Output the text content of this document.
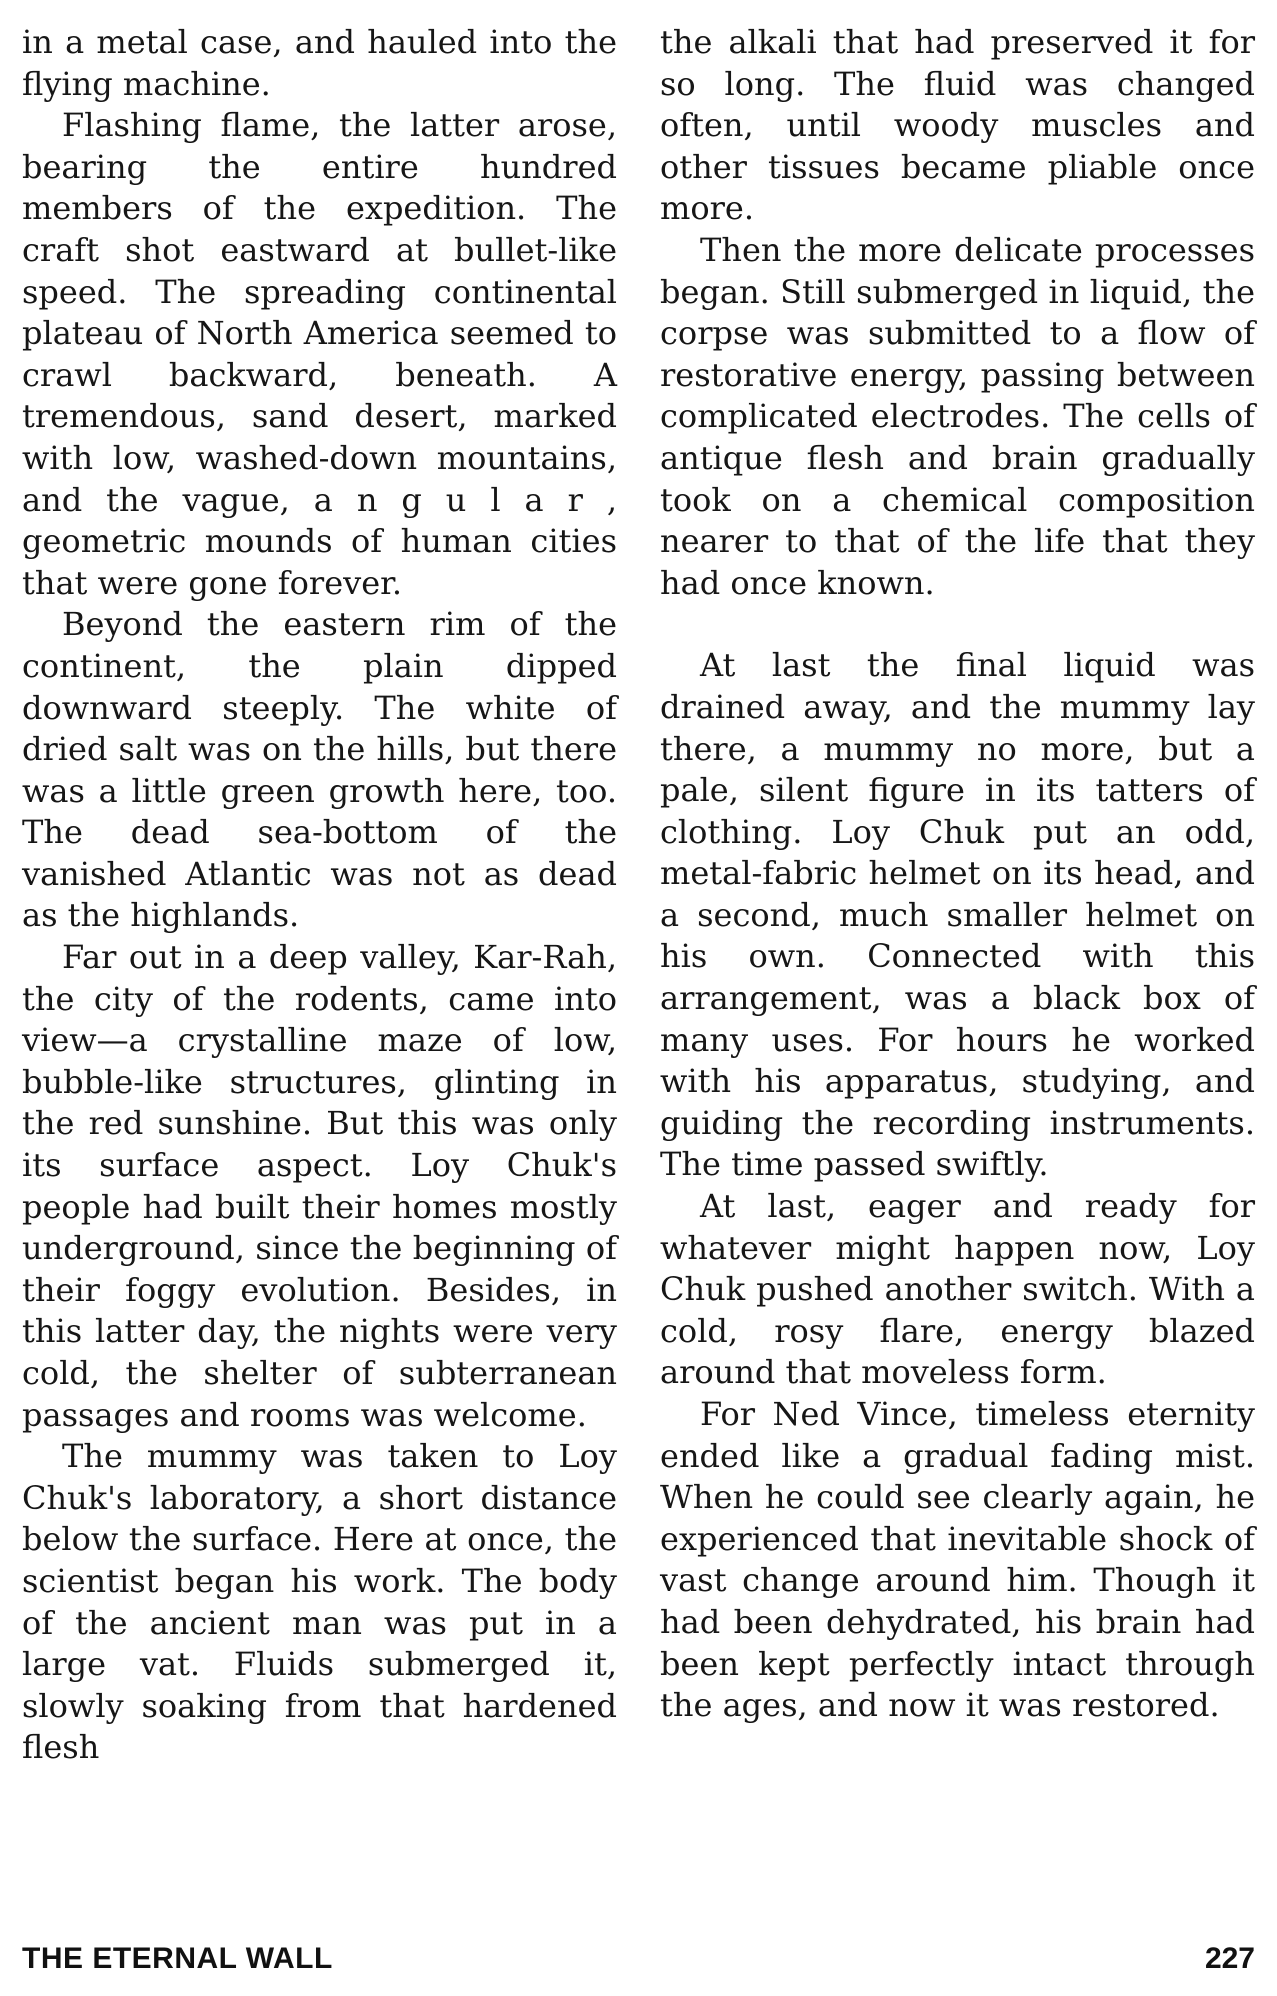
in a metal case, and hauled into the flying machine.

Flashing flame, the latter arose, bearing the entire hundred members of the expedition. The craft shot eastward at bullet-like speed. The spreading continental plateau of North America seemed to crawl backward, beneath. A tremendous, sand desert, marked with low, washed-down mountains, and the vague, a n g u l a r , geometric mounds of human cities that were gone forever.

Beyond the eastern rim of the continent, the plain dipped downward steeply. The white of dried salt was on the hills, but there was a little green growth here, too. The dead sea-bottom of the vanished Atlantic was not as dead as the highlands.

Far out in a deep valley, Kar-Rah, the city of the rodents, came into view—a crystalline maze of low, bubble-like structures, glinting in the red sunshine. But this was only its surface aspect. Loy Chuk's people had built their homes mostly underground, since the beginning of their foggy evolution. Besides, in this latter day, the nights were very cold, the shelter of subterranean passages and rooms was welcome.

The mummy was taken to Loy Chuk's laboratory, a short distance below the surface. Here at once, the scientist began his work. The body of the ancient man was put in a large vat. Fluids submerged it, slowly soaking from that hardened flesh

the alkali that had preserved it for so long. The fluid was changed often, until woody muscles and other tissues became pliable once more.

Then the more delicate processes began. Still submerged in liquid, the corpse was submitted to a flow of restorative energy, passing between complicated electrodes. The cells of antique flesh and brain gradually took on a chemical composition nearer to that of the life that they had once known.

At last the final liquid was drained away, and the mummy lay there, a mummy no more, but a pale, silent figure in its tatters of clothing. Loy Chuk put an odd, metal-fabric helmet on its head, and a second, much smaller helmet on his own. Connected with this arrangement, was a black box of many uses. For hours he worked with his apparatus, studying, and guiding the recording instruments. The time passed swiftly.

At last, eager and ready for whatever might happen now, Loy Chuk pushed another switch. With a cold, rosy flare, energy blazed around that moveless form.

For Ned Vince, timeless eternity ended like a gradual fading mist. When he could see clearly again, he experienced that inevitable shock of vast change around him. Though it had been dehydrated, his brain had been kept perfectly intact through the ages, and now it was restored.

THE ETERNAL WALL	227
